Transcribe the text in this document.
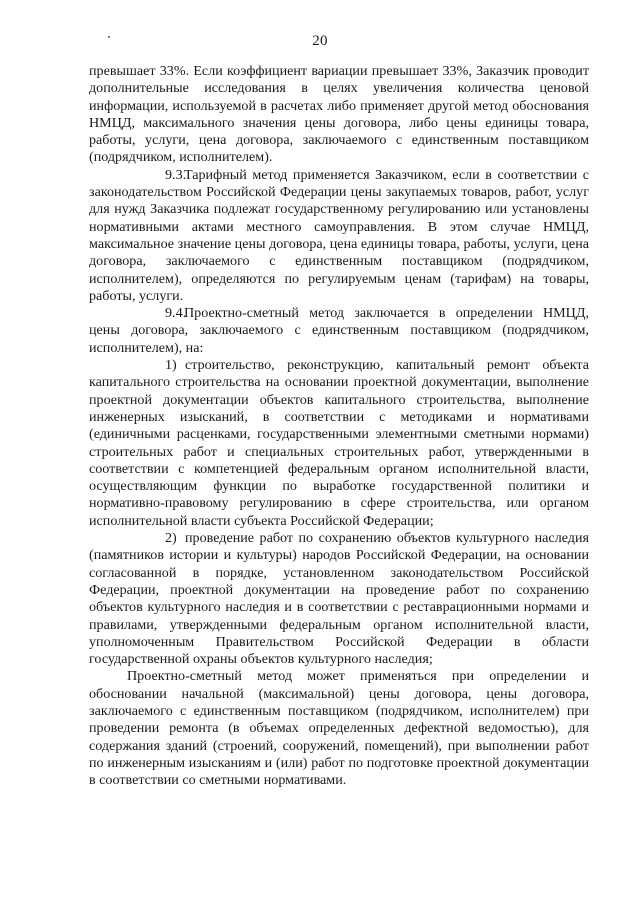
20

превышает 33%. Если коэффициент вариации превышает 33%, Заказчик проводит дополнительные исследования в целях увеличения количества ценовой информации, используемой в расчетах либо применяет другой метод обоснования НМЦД, максимального значения цены договора, либо цены единицы товара, работы, услуги, цена договора, заключаемого с единственным поставщиком (подрядчиком, исполнителем).

9.3.Тарифный метод применяется Заказчиком, если в соответствии с законодательством Российской Федерации цены закупаемых товаров, работ, услуг для нужд Заказчика подлежат государственному регулированию или установлены нормативными актами местного самоуправления. В этом случае НМЦД, максимальное значение цены договора, цена единицы товара, работы, услуги, цена договора, заключаемого с единственным поставщиком (подрядчиком, исполнителем), определяются по регулируемым ценам (тарифам) на товары, работы, услуги.

9.4.Проектно-сметный метод заключается в определении НМЦД, цены договора, заключаемого с единственным поставщиком (подрядчиком, исполнителем), на:

1) строительство, реконструкцию, капитальный ремонт объекта капитального строительства на основании проектной документации, выполнение проектной документации объектов капитального строительства, выполнение инженерных изысканий, в соответствии с методиками и нормативами (единичными расценками, государственными элементными сметными нормами) строительных работ и специальных строительных работ, утвержденными в соответствии с компетенцией федеральным органом исполнительной власти, осуществляющим функции по выработке государственной политики и нормативно-правовому регулированию в сфере строительства, или органом исполнительной власти субъекта Российской Федерации;

2) проведение работ по сохранению объектов культурного наследия (памятников истории и культуры) народов Российской Федерации, на основании согласованной в порядке, установленном законодательством Российской Федерации, проектной документации на проведение работ по сохранению объектов культурного наследия и в соответствии с реставрационными нормами и правилами, утвержденными федеральным органом исполнительной власти, уполномоченным Правительством Российской Федерации в области государственной охраны объектов культурного наследия;

Проектно-сметный метод может применяться при определении и обосновании начальной (максимальной) цены договора, цены договора, заключаемого с единственным поставщиком (подрядчиком, исполнителем) при проведении ремонта (в объемах определенных дефектной ведомостью), для содержания зданий (строений, сооружений, помещений), при выполнении работ по инженерным изысканиям и (или) работ по подготовке проектной документации в соответствии со сметными нормативами.
